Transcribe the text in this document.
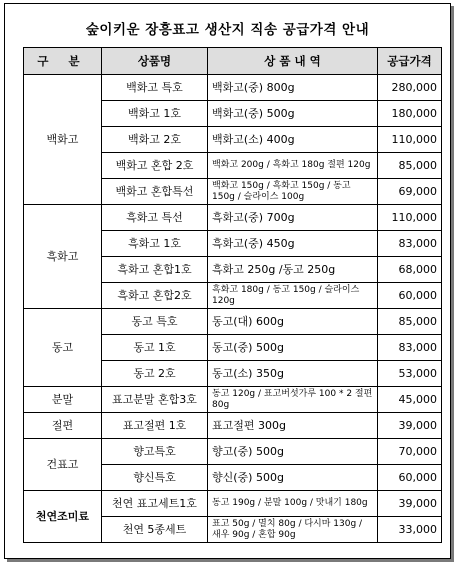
숲이키운 장흥표고 생산지 직송 공급가격 안내
구 분	상품명	상 품 내 역	공급가격
백화고	백화고 특호	백화고(중) 800g	280,000
	백화고 1호	백화고(중) 500g	180,000
	백화고 2호	백화고(소) 400g	110,000
	백화고 혼합 2호	백화고 200g / 흑화고 180g 절편 120g	85,000
	백화고 혼합특선	백화고 150g / 흑화고 150g / 동고 150g / 슬라이스 100g	69,000
흑화고	흑화고 특선	흑화고(중) 700g	110,000
	흑화고 1호	흑화고(중) 450g	83,000
	흑화고 혼합1호	흑화고 250g /동고 250g	68,000
	흑화고 혼합2호	흑화고 180g / 동고 150g / 슬라이스 120g	60,000
동고	동고 특호	동고(대) 600g	85,000
	동고 1호	동고(중) 500g	83,000
	동고 2호	동고(소) 350g	53,000
분말	표고분말 혼합3호	동고 120g / 표고버섯가루 100 * 2 절편 80g	45,000
절편	표고절편 1호	표고절편 300g	39,000
건표고	향고특호	향고(중) 500g	70,000
	향신특호	향신(중) 500g	60,000
천연조미료	천연 표고세트1호	동고 190g / 분말 100g / 맛내기 180g	39,000
	천연 5종세트	표고 50g / 멸치 80g / 다시마 130g / 새우 90g / 혼합 90g	33,000
